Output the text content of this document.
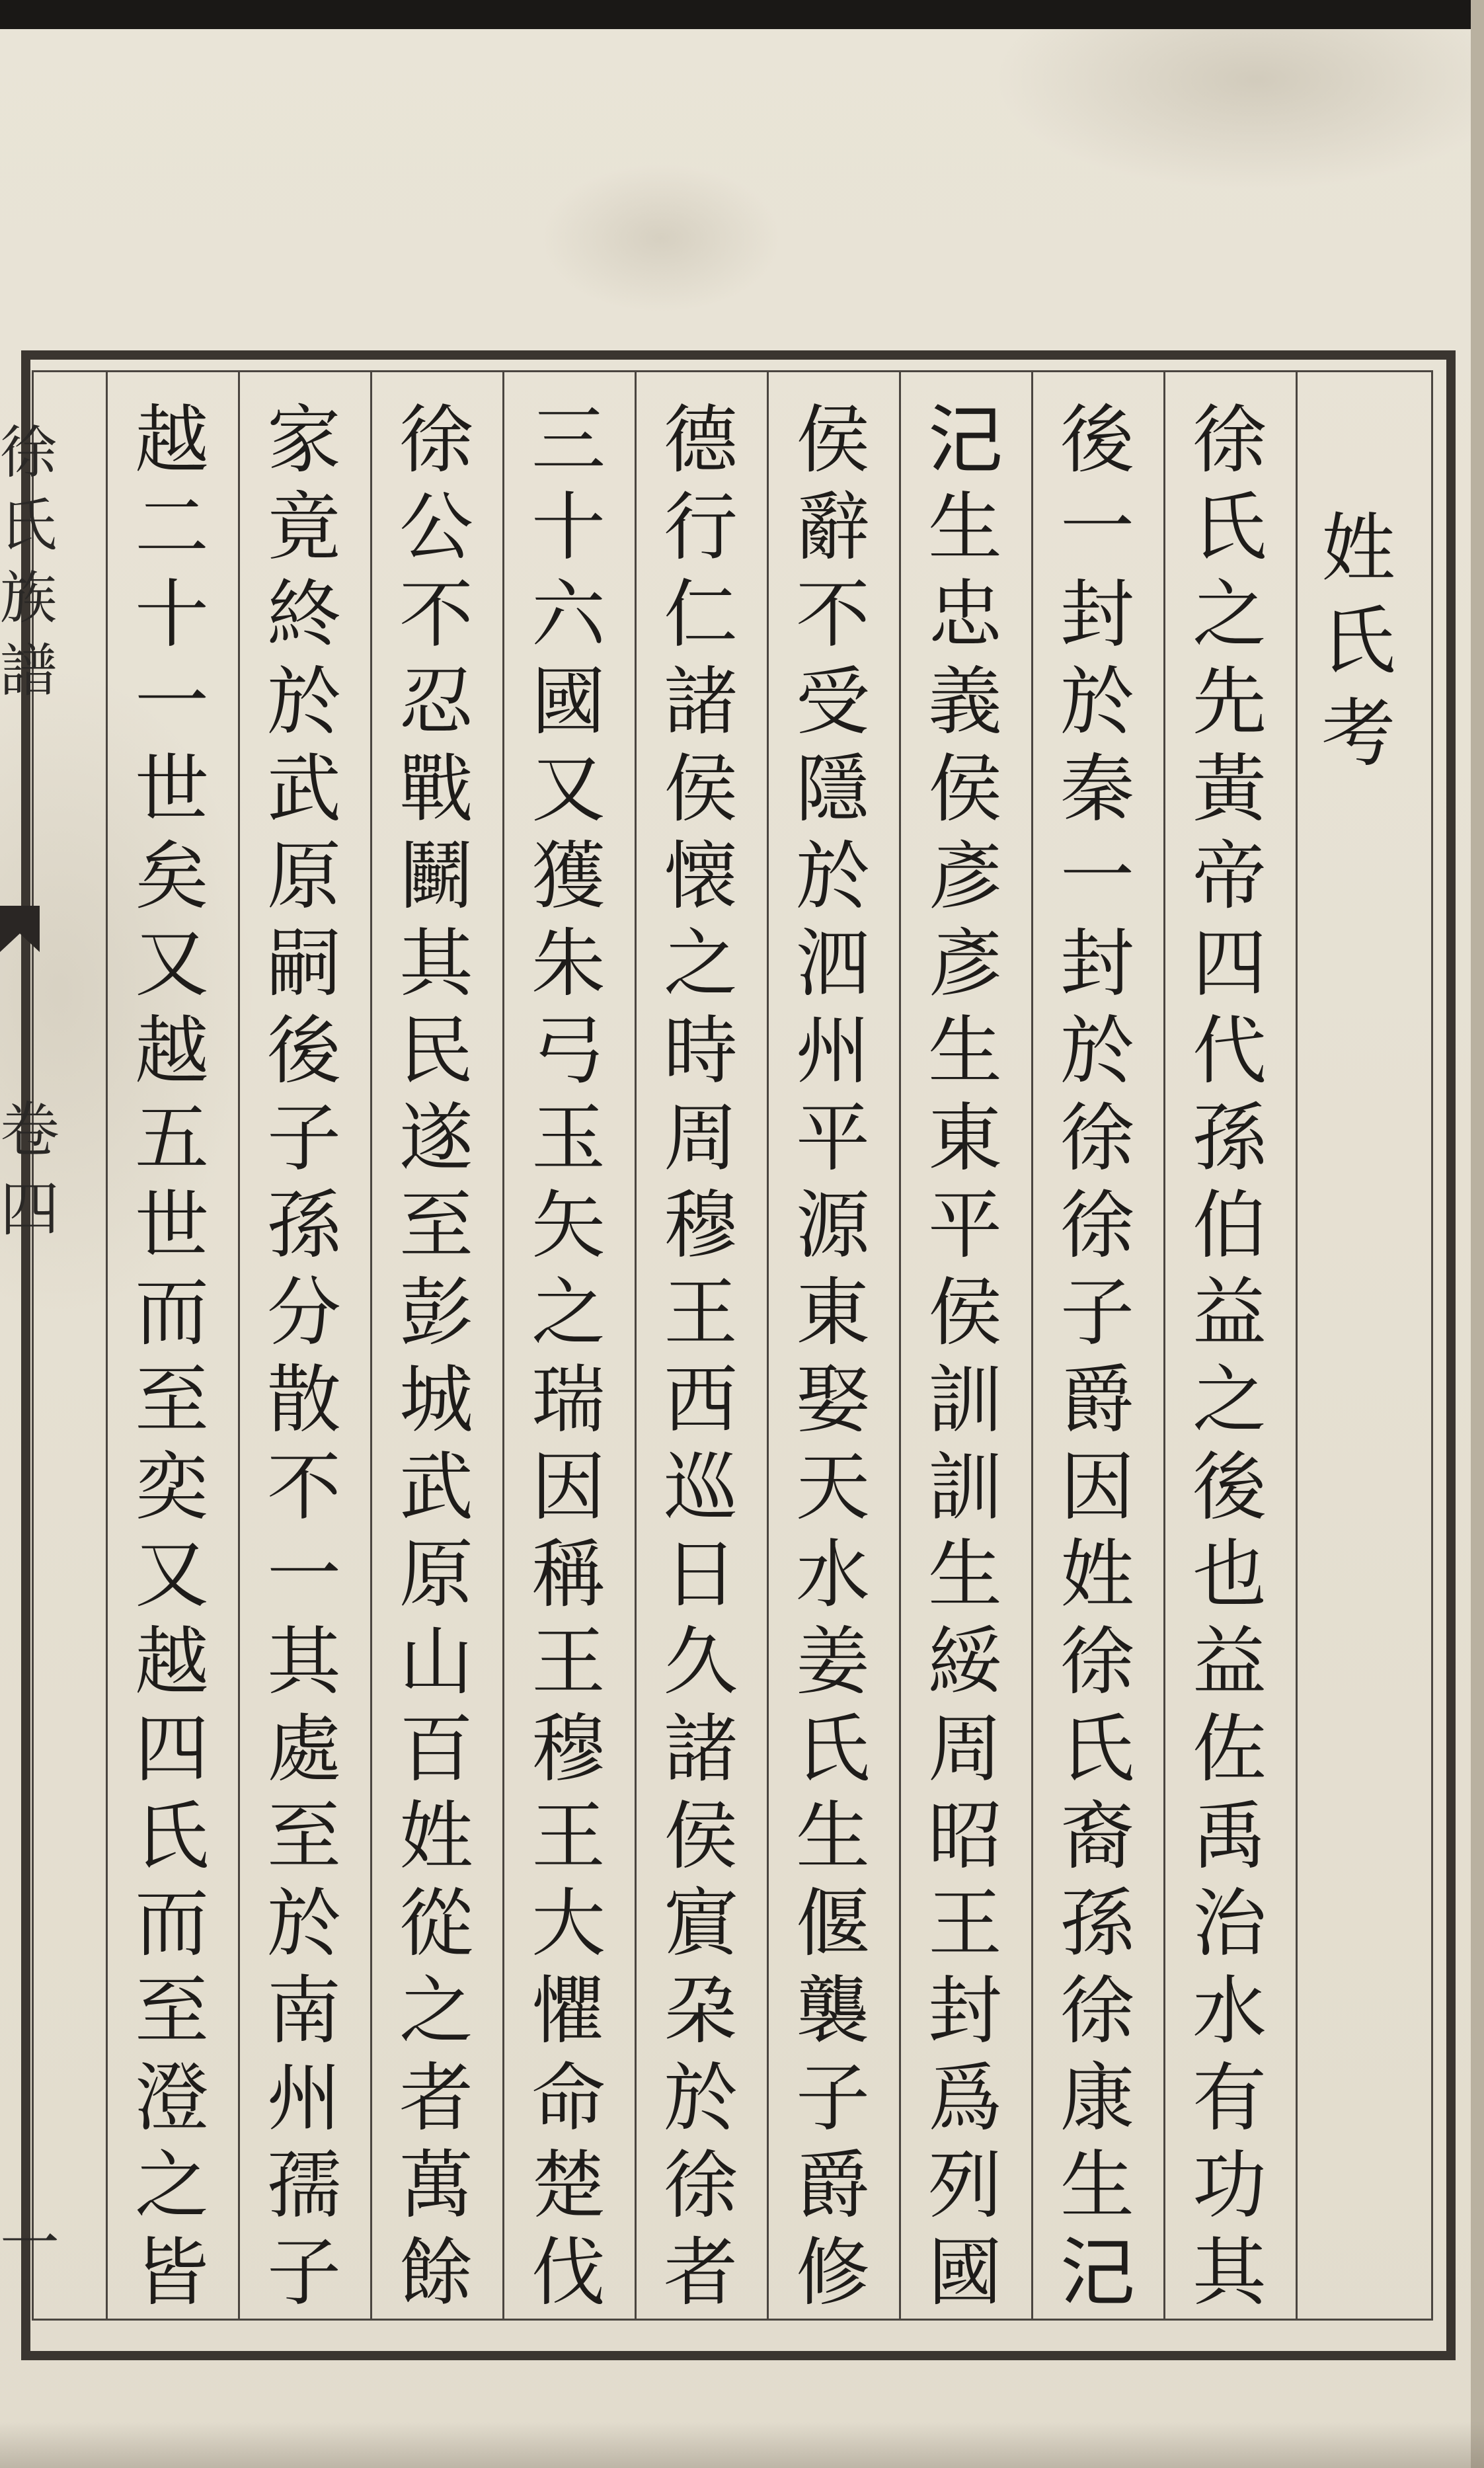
徐
氏
族
譜
卷
四
一
姓
氏
考
徐
氏
之
先
黃
帝
四
代
孫
伯
益
之
後
也
益
佐
禹
治
水
有
功
其
後
一
封
於
秦
一
封
於
徐
徐
子
爵
因
姓
徐
氏
裔
孫
徐
康
生
𣲆
𣲆
生
忠
義
侯
彥
彥
生
東
平
侯
訓
訓
生
綏
周
昭
王
封
爲
列
國
侯
辭
不
受
隱
於
泗
州
平
源
東
娶
天
水
姜
氏
生
偃
襲
子
爵
修
德
行
仁
諸
侯
懐
之
時
周
穆
王
西
巡
日
久
諸
侯
賔
朶
於
徐
者
三
十
六
國
又
獲
朱
弓
玉
矢
之
瑞
因
稱
王
穆
王
大
懼
命
楚
伐
徐
公
不
忍
戰
鬭
其
民
遂
至
彭
城
武
原
山
百
姓
從
之
者
萬
餘
家
竟
終
於
武
原
嗣
後
子
孫
分
散
不
一
其
處
至
於
南
州
孺
子
越
二
十
一
世
矣
又
越
五
世
而
至
奕
又
越
四
氏
而
至
澄
之
皆
